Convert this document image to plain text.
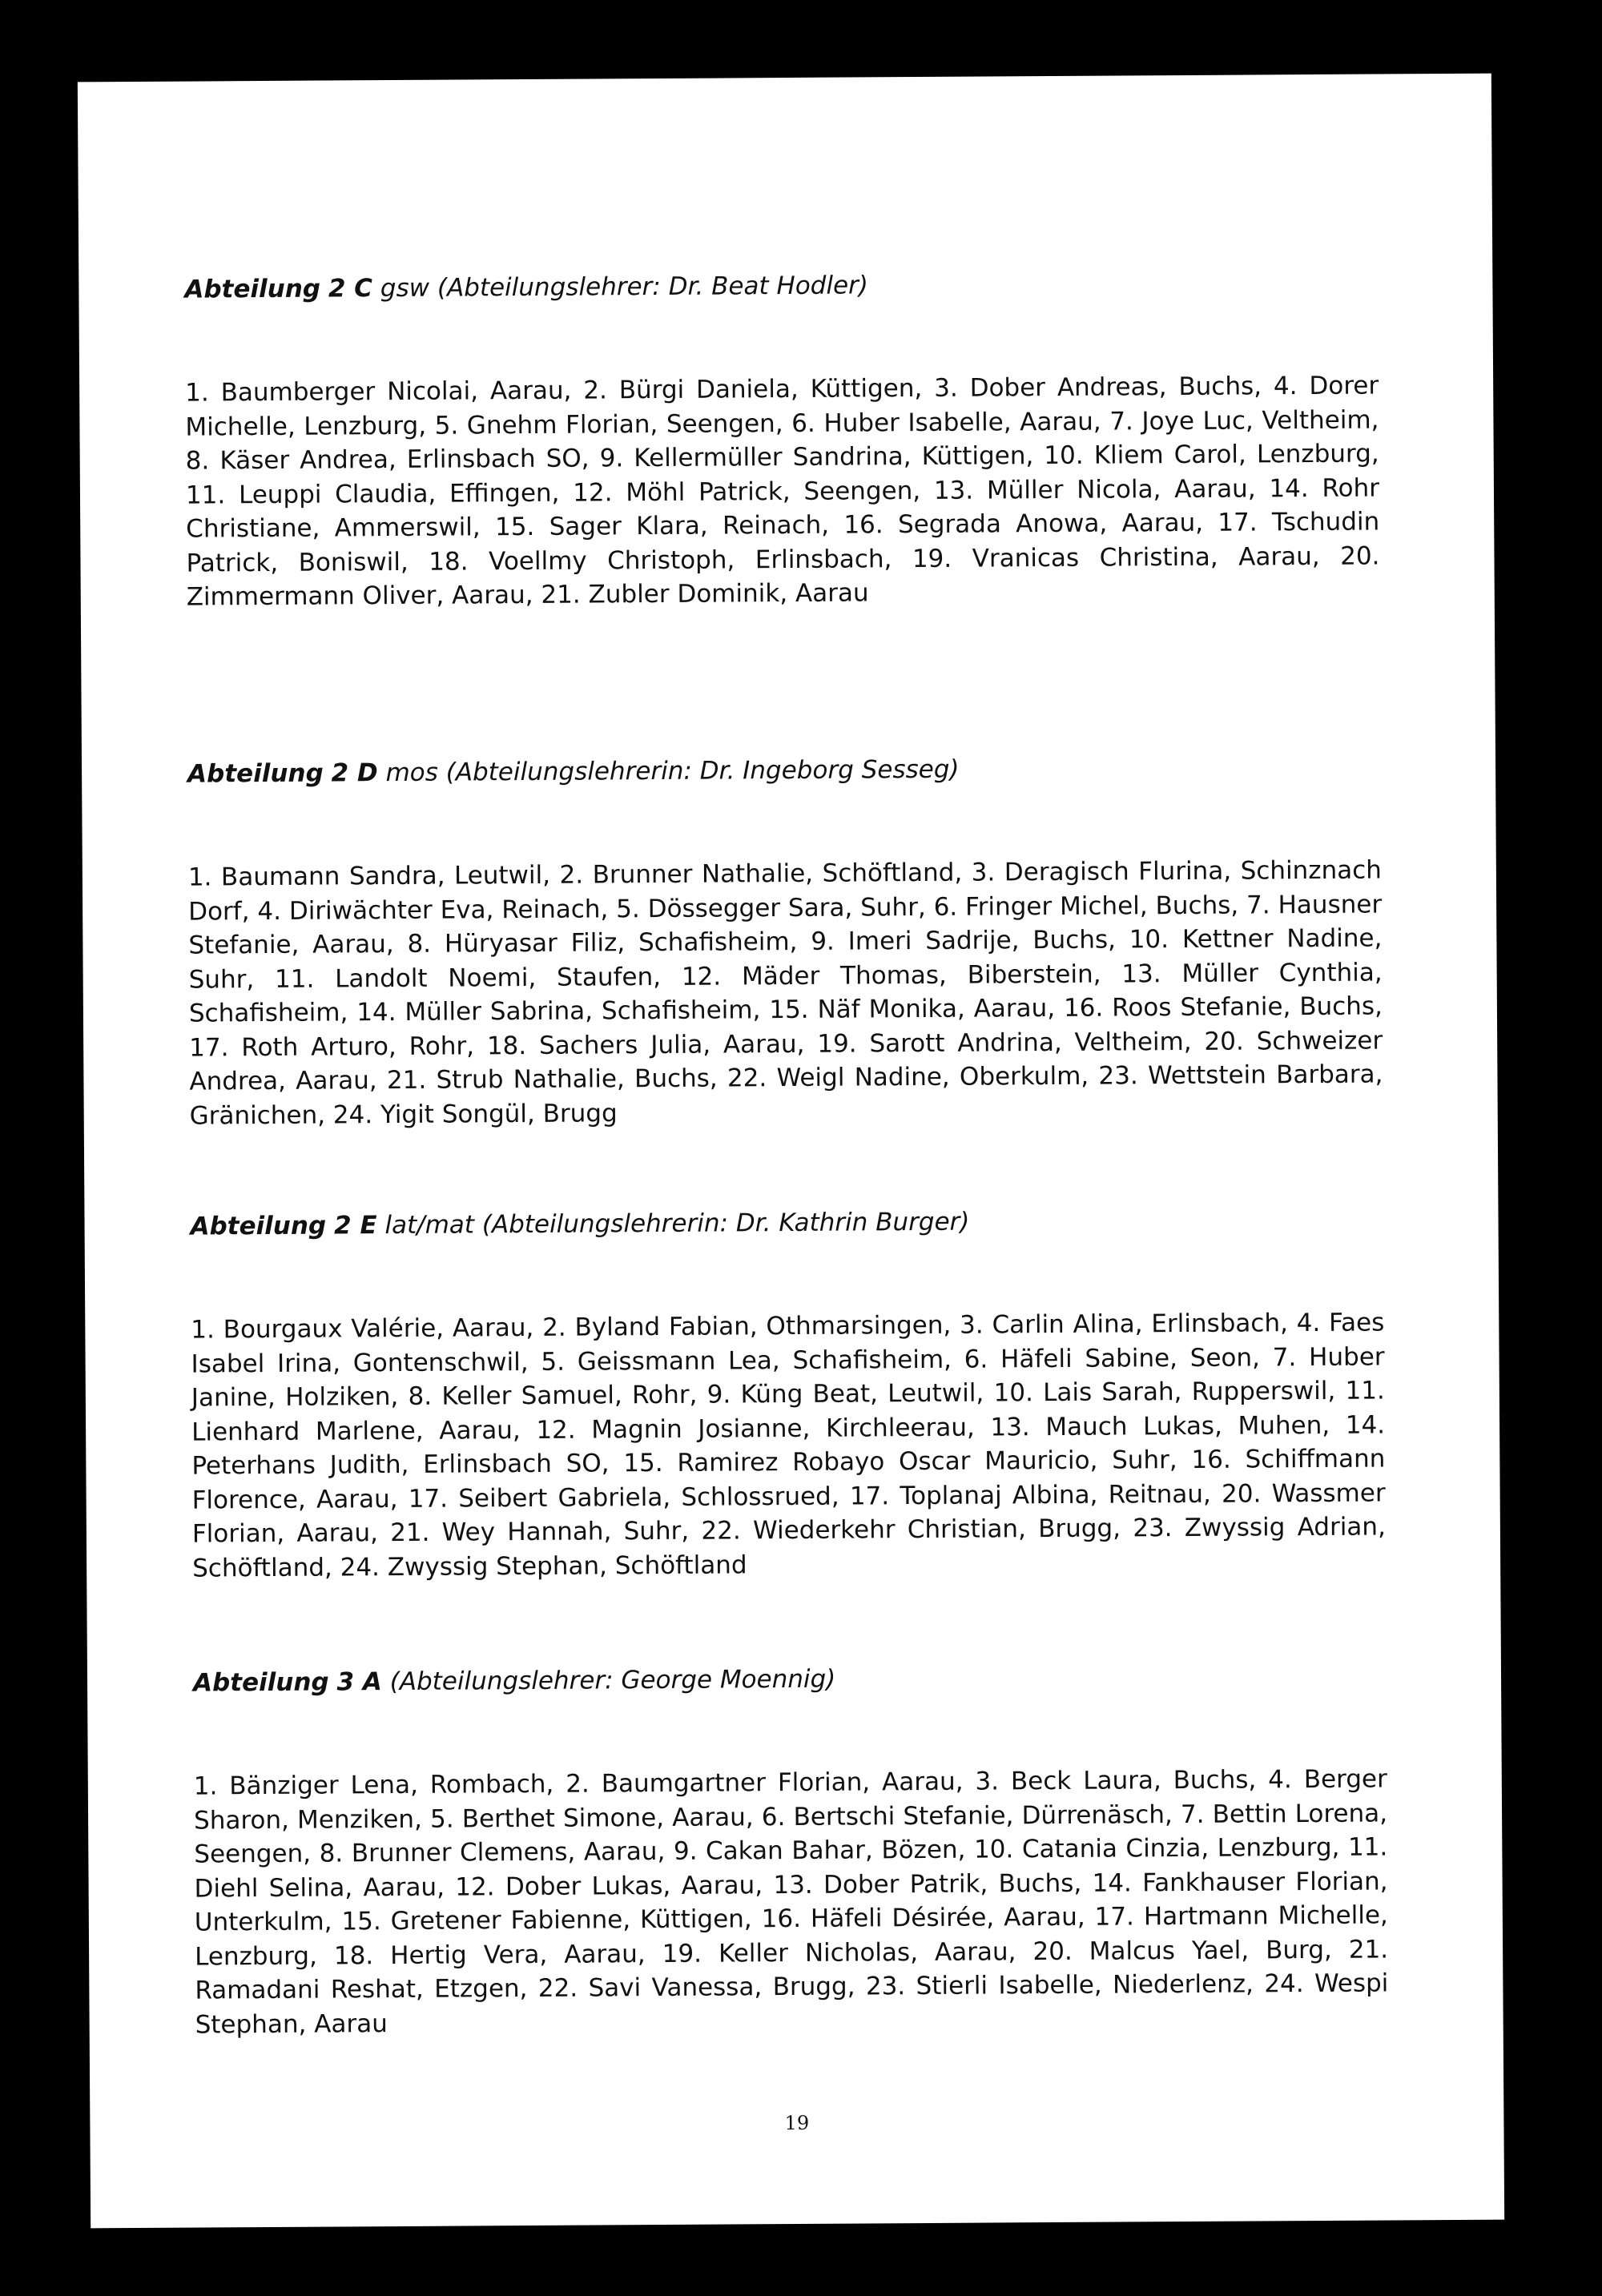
Abteilung 2 C gsw (Abteilungslehrer: Dr. Beat Hodler)

1. Baumberger Nicolai, Aarau, 2. Bürgi Daniela, Küttigen, 3. Dober Andreas, Buchs, 4. Dorer Michelle, Lenzburg, 5. Gnehm Florian, Seengen, 6. Huber Isabelle, Aarau, 7. Joye Luc, Veltheim, 8. Käser Andrea, Erlinsbach SO, 9. Kellermüller Sandrina, Küttigen, 10. Kliem Carol, Lenzburg, 11. Leuppi Claudia, Effingen, 12. Möhl Patrick, Seengen, 13. Müller Nicola, Aarau, 14. Rohr Christiane, Ammerswil, 15. Sager Klara, Reinach, 16. Segrada Anowa, Aarau, 17. Tschudin Patrick, Boniswil, 18. Voellmy Christoph, Erlinsbach, 19. Vranicas Christina, Aarau, 20. Zimmermann Oliver, Aarau, 21. Zubler Dominik, Aarau

Abteilung 2 D mos (Abteilungslehrerin: Dr. Ingeborg Sesseg)

1. Baumann Sandra, Leutwil, 2. Brunner Nathalie, Schöftland, 3. Deragisch Flurina, Schinznach Dorf, 4. Diriwächter Eva, Reinach, 5. Dössegger Sara, Suhr, 6. Fringer Michel, Buchs, 7. Hausner Stefanie, Aarau, 8. Hüryasar Filiz, Schafisheim, 9. Imeri Sadrije, Buchs, 10. Kettner Nadine, Suhr, 11. Landolt Noemi, Staufen, 12. Mäder Thomas, Biberstein, 13. Müller Cynthia, Schafisheim, 14. Müller Sabrina, Schafisheim, 15. Näf Monika, Aarau, 16. Roos Stefanie, Buchs, 17. Roth Arturo, Rohr, 18. Sachers Julia, Aarau, 19. Sarott Andrina, Veltheim, 20. Schweizer Andrea, Aarau, 21. Strub Nathalie, Buchs, 22. Weigl Nadine, Oberkulm, 23. Wettstein Barbara, Gränichen, 24. Yigit Songül, Brugg

Abteilung 2 E lat/mat (Abteilungslehrerin: Dr. Kathrin Burger)

1. Bourgaux Valérie, Aarau, 2. Byland Fabian, Othmarsingen, 3. Carlin Alina, Erlinsbach, 4. Faes Isabel Irina, Gontenschwil, 5. Geissmann Lea, Schafisheim, 6. Häfeli Sabine, Seon, 7. Huber Janine, Holziken, 8. Keller Samuel, Rohr, 9. Küng Beat, Leutwil, 10. Lais Sarah, Rupperswil, 11. Lienhard Marlene, Aarau, 12. Magnin Josianne, Kirchleerau, 13. Mauch Lukas, Muhen, 14. Peterhans Judith, Erlinsbach SO, 15. Ramirez Robayo Oscar Mauricio, Suhr, 16. Schiffmann Florence, Aarau, 17. Seibert Gabriela, Schlossrued, 17. Toplanaj Albina, Reitnau, 20. Wassmer Florian, Aarau, 21. Wey Hannah, Suhr, 22. Wiederkehr Christian, Brugg, 23. Zwyssig Adrian, Schöftland, 24. Zwyssig Stephan, Schöftland

Abteilung 3 A (Abteilungslehrer: George Moennig)

1. Bänziger Lena, Rombach, 2. Baumgartner Florian, Aarau, 3. Beck Laura, Buchs, 4. Berger Sharon, Menziken, 5. Berthet Simone, Aarau, 6. Bertschi Stefanie, Dürrenäsch, 7. Bettin Lorena, Seengen, 8. Brunner Clemens, Aarau, 9. Cakan Bahar, Bözen, 10. Catania Cinzia, Lenzburg, 11. Diehl Selina, Aarau, 12. Dober Lukas, Aarau, 13. Dober Patrik, Buchs, 14. Fankhauser Florian, Unterkulm, 15. Gretener Fabienne, Küttigen, 16. Häfeli Désirée, Aarau, 17. Hartmann Michelle, Lenzburg, 18. Hertig Vera, Aarau, 19. Keller Nicholas, Aarau, 20. Malcus Yael, Burg, 21. Ramadani Reshat, Etzgen, 22. Savi Vanessa, Brugg, 23. Stierli Isabelle, Niederlenz, 24. Wespi Stephan, Aarau

19
